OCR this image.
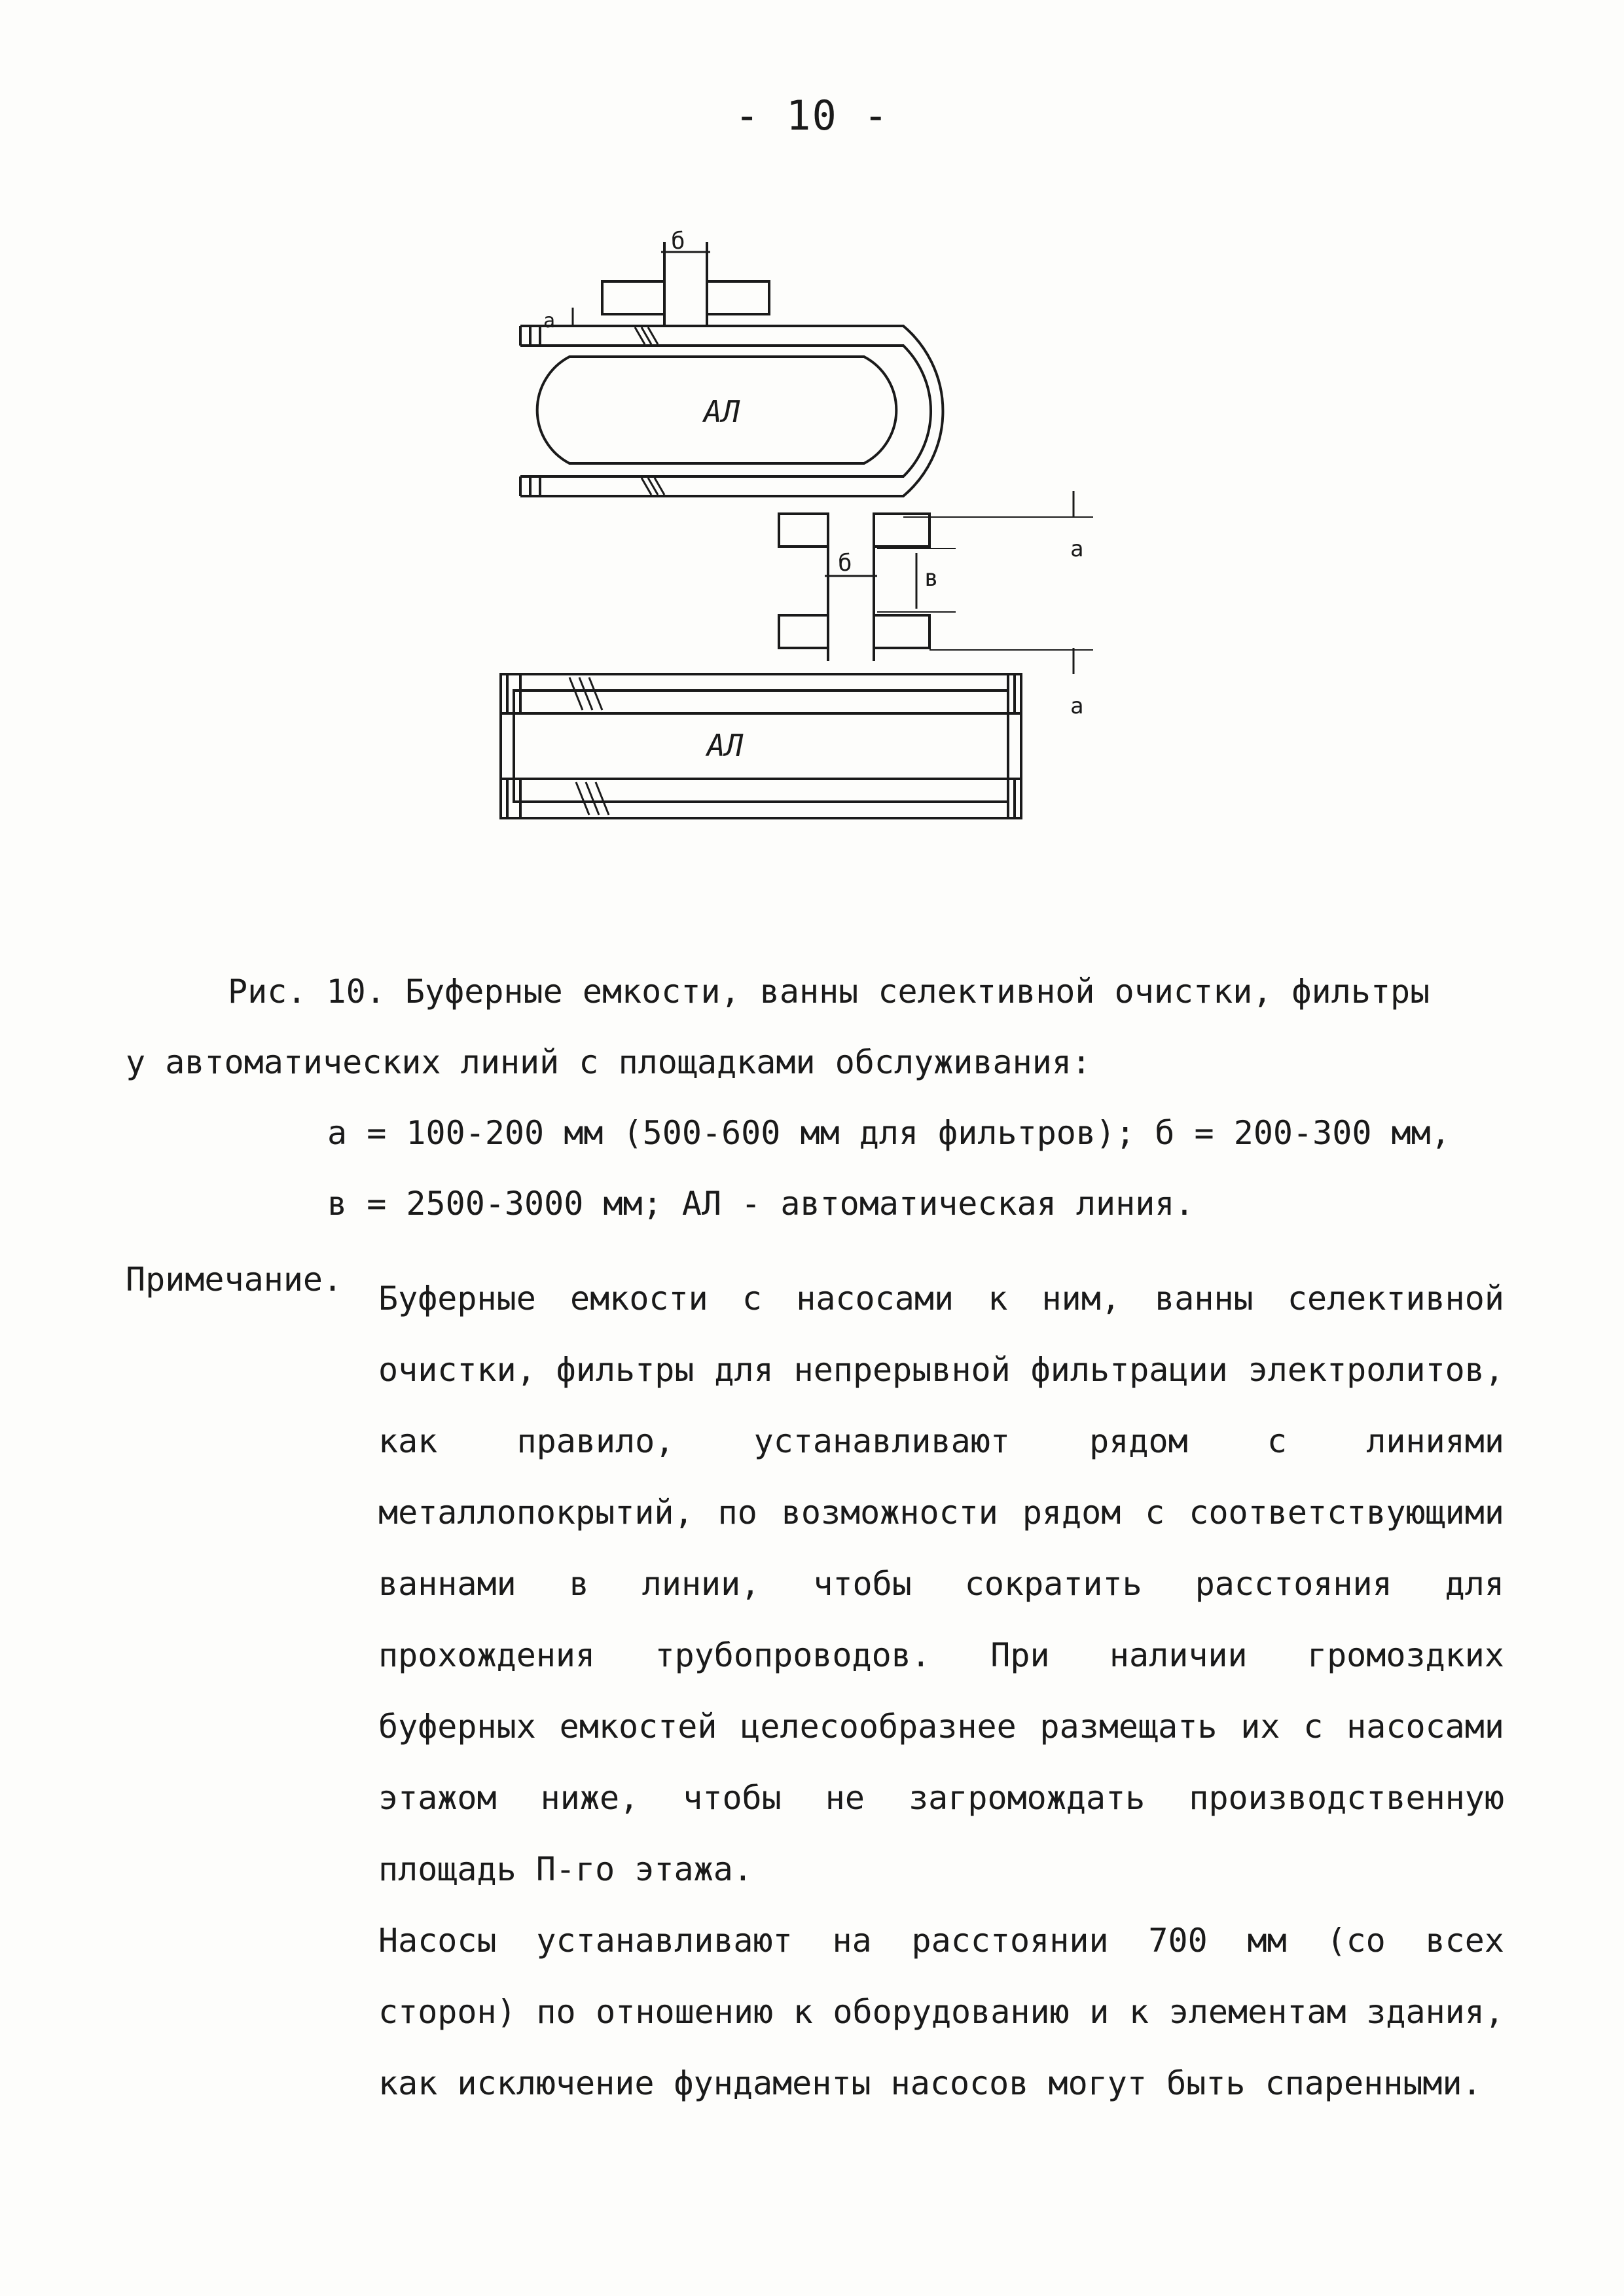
- 10 -
б
а
АЛ
б
в
а
а
АЛ
Рис. 10. Буферные емкости, ванны селективной очистки, фильтры
у автоматических линий с площадками обслуживания:
а = 100-200 мм (500-600 мм для фильтров); б = 200-300 мм,
в = 2500-3000 мм; АЛ - автоматическая линия.
Примечание. Буферные емкости с насосами к ним, ванны селективной очистки, фильтры для непрерывной фильтрации электролитов, как правило, устанавливают рядом с линиями металлопокрытий, по возможности рядом с соответствующими ваннами в линии, чтобы сократить расстояния для прохождения трубопроводов. При наличии громоздких буферных емкостей целесообразнее размещать их с насосами этажом ниже, чтобы не загромождать производственную площадь П-го этажа.

Насосы устанавливают на расстоянии 700 мм (со всех сторон) по отношению к оборудованию и к элементам здания, как исключение фундаменты насосов могут быть спаренными.
